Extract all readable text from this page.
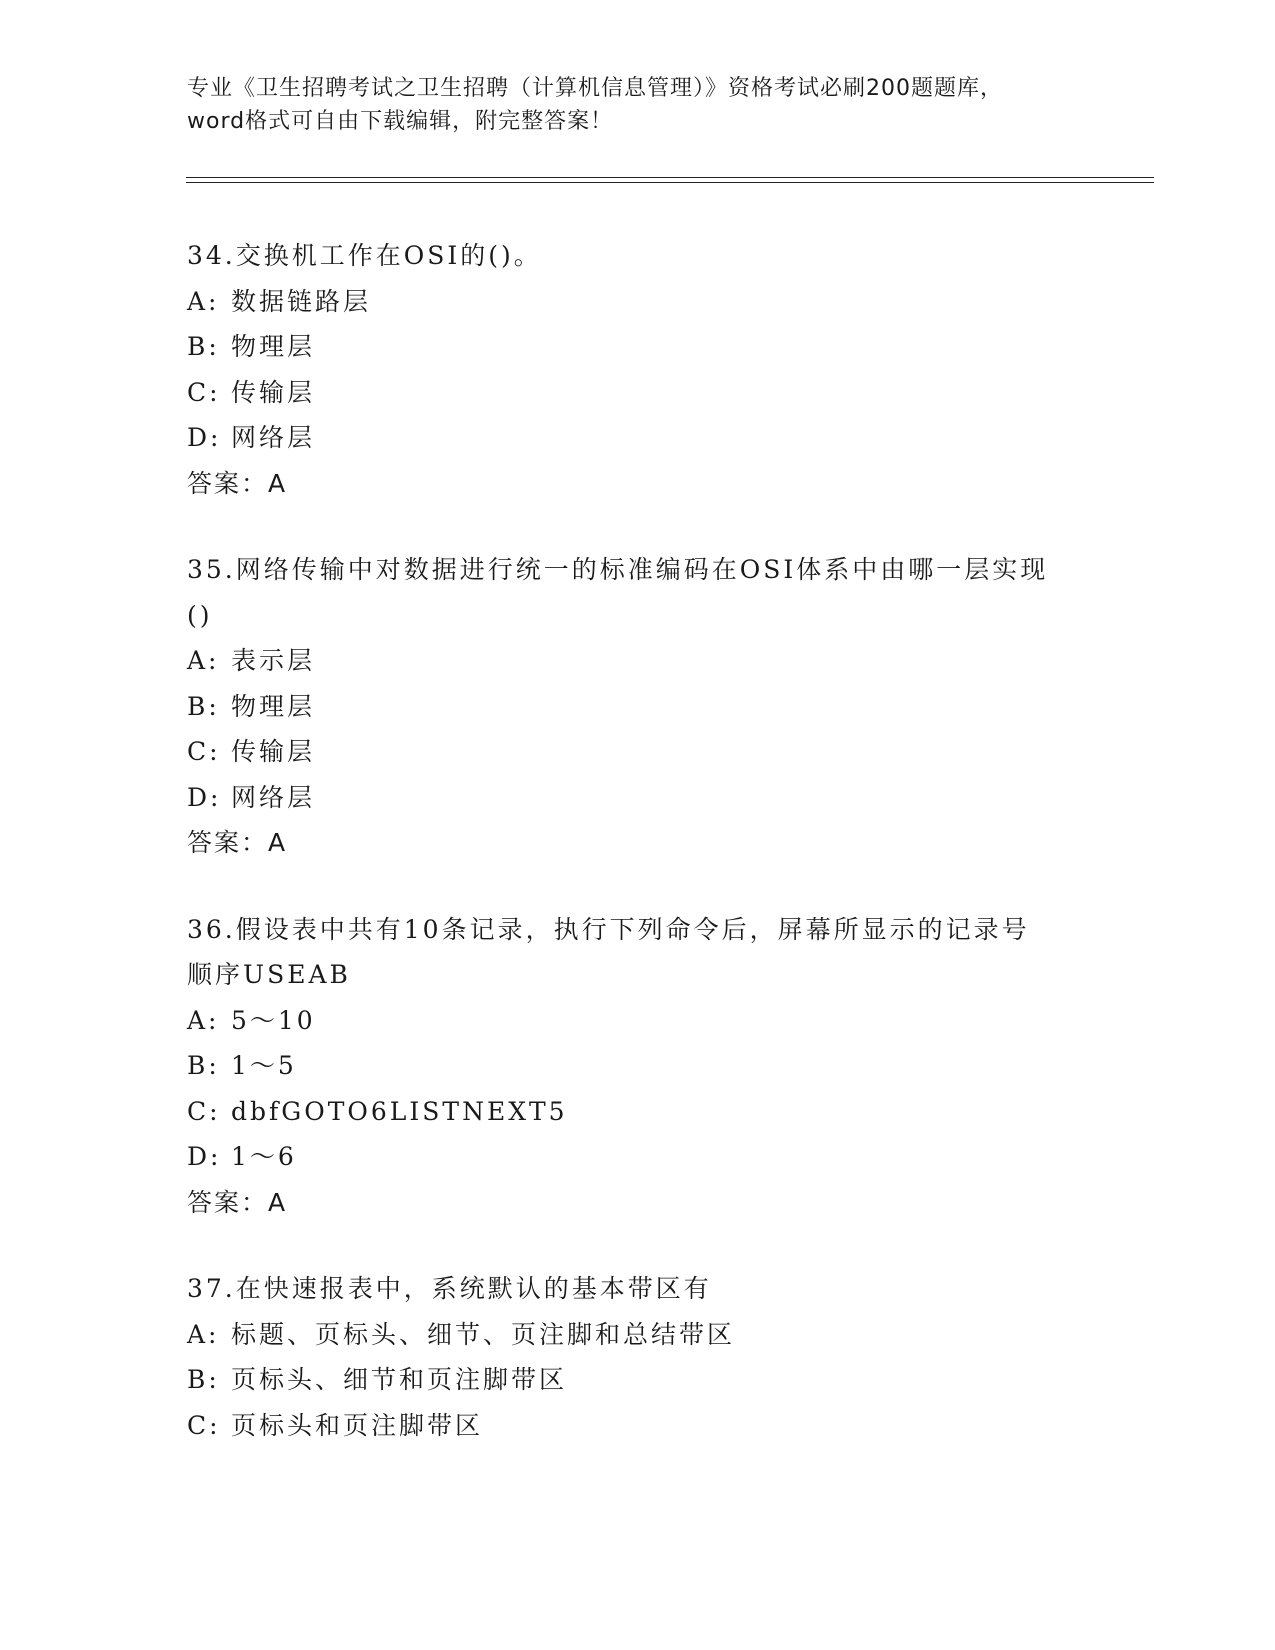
专业《卫生招聘考试之卫生招聘（计算机信息管理）》资格考试必刷200题题库，

word格式可自由下载编辑，附完整答案！

34.交换机工作在OSI的()。
A: 数据链路层
B: 物理层
C: 传输层
D: 网络层
答案：A
35.网络传输中对数据进行统一的标准编码在OSI体系中由哪一层实现
()
A: 表示层
B: 物理层
C: 传输层
D: 网络层
答案：A
36.假设表中共有10条记录，执行下列命令后，屏幕所显示的记录号
顺序USEAB
A: 5～10
B: 1～5
C: dbfGOTO6LISTNEXT5
D: 1～6
答案：A
37.在快速报表中，系统默认的基本带区有
A: 标题、页标头、细节、页注脚和总结带区
B: 页标头、细节和页注脚带区
C: 页标头和页注脚带区
